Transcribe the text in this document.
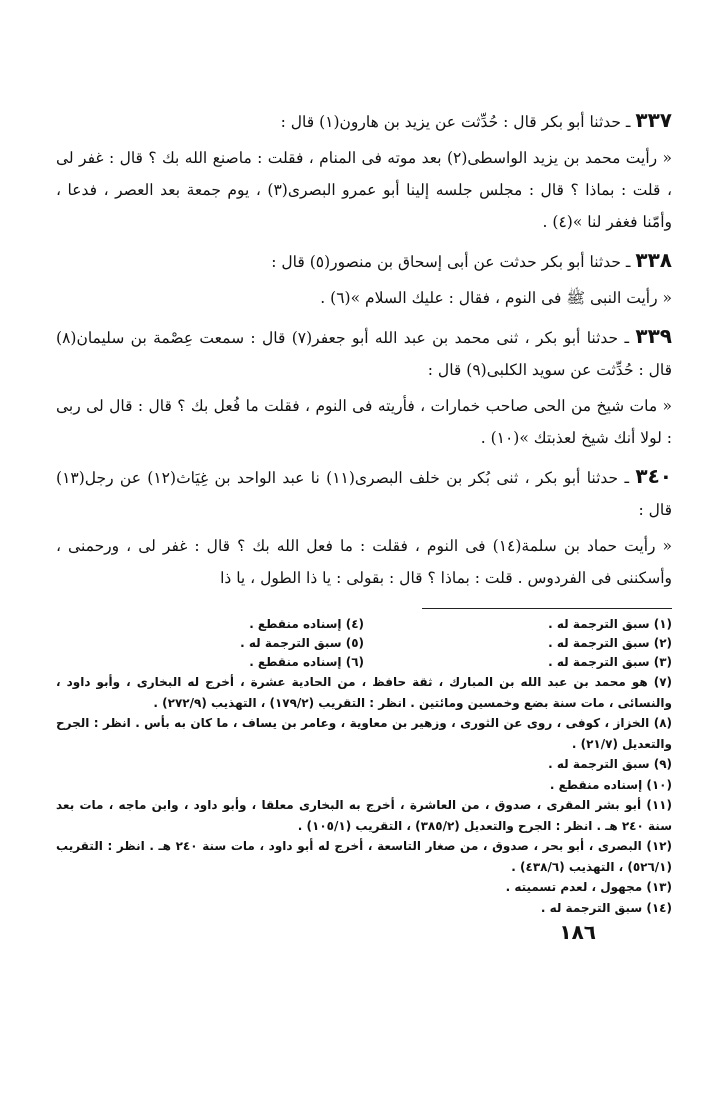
٣٣٧ ـ حدثنا أبو بكر قال : حُدِّثت عن يزيد بن هارون(١) قال :
« رأيت محمد بن يزيد الواسطى(٢) بعد موته فى المنام ، فقلت : ماصنع الله بك ؟ قال : غفر لى ، قلت : بماذا ؟ قال : مجلس جلسه إلينا أبو عمرو البصرى(٣) ، يوم جمعة بعد العصر ، فدعا ، وأمّنا فغفر لنا »(٤) .
٣٣٨ ـ حدثنا أبو بكر حدثت عن أبى إسحاق بن منصور(٥) قال :
« رأيت النبى ﷺ فى النوم ، فقال : عليك السلام »(٦) .
٣٣٩ ـ حدثنا أبو بكر ، ثنى محمد بن عبد الله أبو جعفر(٧) قال : سمعت عِصْمة بن سليمان(٨) قال : حُدِّثت عن سويد الكلبى(٩) قال :
« مات شيخ من الحى صاحب خمارات ، فأريته فى النوم ، فقلت ما فُعل بك ؟ قال : قال لى ربى : لولا أنك شيخ لعذبتك »(١٠) .
٣٤٠ ـ حدثنا أبو بكر ، ثنى بُكر بن خلف البصرى(١١) نا عبد الواحد بن غِيَاث(١٢) عن رجل(١٣) قال :
« رأيت حماد بن سلمة(١٤) فى النوم ، فقلت : ما فعل الله بك ؟ قال : غفر لى ، ورحمنى ، وأسكننى فى الفردوس . قلت : بماذا ؟ قال : بقولى : يا ذا الطول ، يا ذا
(١) سبق الترجمة له .
(٢) سبق الترجمة له .
(٣) سبق الترجمة له .
(٤) إسناده منقطع .
(٥) سبق الترجمة له .
(٦) إسناده منقطع .
(٧) هو محمد بن عبد الله بن المبارك ، ثقة حافظ ، من الحادية عشرة ، أخرج له البخارى ، وأبو داود ، والنسائى ، مات سنة بضع وخمسين ومائتين . انظر : التقريب (١٧٩/٢) ، التهذيب (٢٧٢/٩) .
(٨) الخزاز ، كوفى ، روى عن الثورى ، وزهير بن معاوية ، وعامر بن يساف ، ما كان به بأس . انظر : الجرح والتعديل (٢١/٧) .
(٩) سبق الترجمة له .
(١٠) إسناده منقطع .
(١١) أبو بشر المقرى ، صدوق ، من العاشرة ، أخرج به البخارى معلقا ، وأبو داود ، وابن ماجه ، مات بعد سنة ٢٤٠ هـ . انظر : الجرح والتعديل (٣٨٥/٢) ، التقريب (١٠٥/١) .
(١٢) البصرى ، أبو بحر ، صدوق ، من صغار التاسعة ، أخرج له أبو داود ، مات سنة ٢٤٠ هـ . انظر : التقريب (٥٢٦/١) ، التهذيب (٤٣٨/٦) .
(١٣) مجهول ، لعدم تسميته .
(١٤) سبق الترجمة له .
١٨٦
